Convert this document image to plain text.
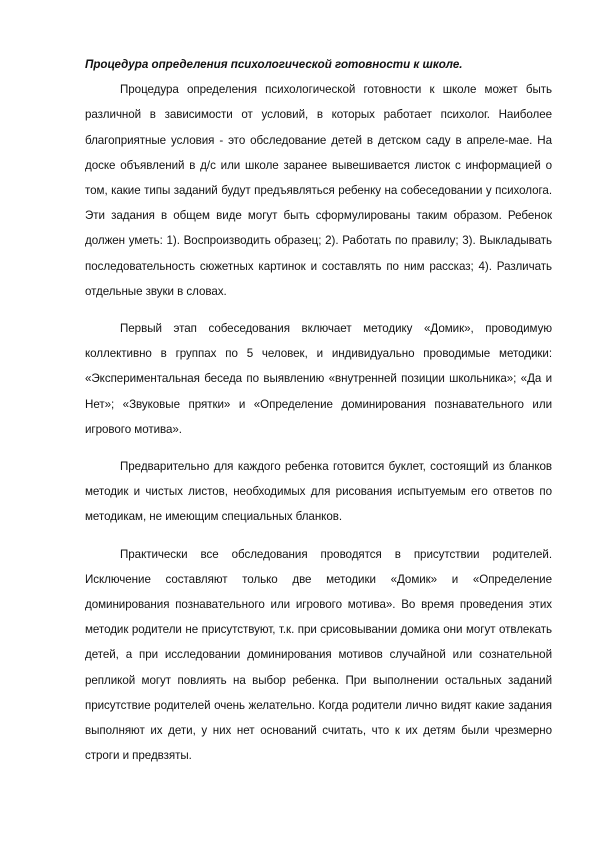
Процедура определения психологической готовности к школе.

Процедура определения психологической готовности к школе может быть различной в зависимости от условий, в которых работает психолог. Наиболее благоприятные условия - это обследование детей в детском саду в апреле-мае. На доске объявлений в д/с или школе заранее вывешивается листок с информацией о том, какие типы заданий будут предъявляться ребенку на собеседовании у психолога. Эти задания в общем виде могут быть сформулированы таким образом. Ребенок должен уметь: 1). Воспроизводить образец; 2). Работать по правилу; 3). Выкладывать последовательность сюжетных картинок и составлять по ним рассказ; 4). Различать отдельные звуки в словах.

Первый этап собеседования включает методику «Домик», проводимую коллективно в группах по 5 человек, и индивидуально проводимые методики: «Экспериментальная беседа по выявлению «внутренней позиции школьника»; «Да и Нет»; «Звуковые прятки» и «Определение доминирования познавательного или игрового мотива».

Предварительно для каждого ребенка готовится буклет, состоящий из бланков методик и чистых листов, необходимых для рисования испытуемым его ответов по методикам, не имеющим специальных бланков.

Практически все обследования проводятся в присутствии родителей. Исключение составляют только две методики «Домик» и «Определение доминирования познавательного или игрового мотива». Во время проведения этих методик родители не присутствуют, т.к. при срисовывании домика они могут отвлекать детей, а при исследовании доминирования мотивов случайной или сознательной репликой могут повлиять на выбор ребенка. При выполнении остальных заданий присутствие родителей очень желательно. Когда родители лично видят какие задания выполняют их дети, у них нет оснований считать, что к их детям были чрезмерно строги и предвзяты.
